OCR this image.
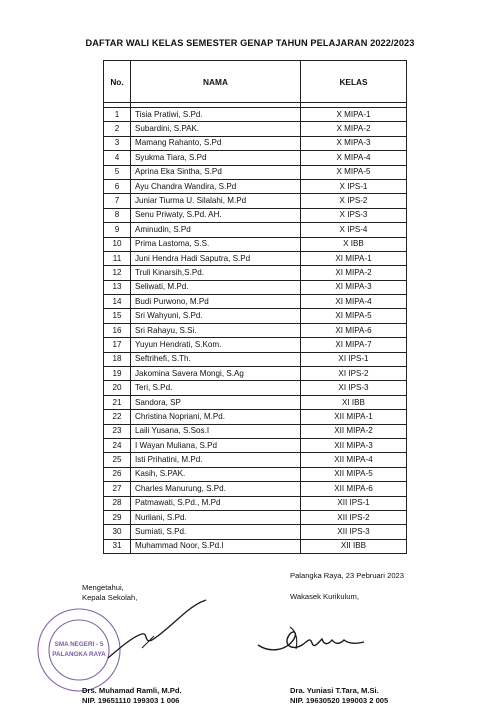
DAFTAR WALI KELAS SEMESTER GENAP TAHUN PELAJARAN 2022/2023
No.	NAMA	KELAS

1	Tisia Pratiwi, S.Pd.	X MIPA-1
2	Subardini, S.PAK.	X MIPA-2
3	Mamang Rahanto, S.Pd	X MIPA-3
4	Syukma Tiara, S.Pd	X MIPA-4
5	Aprina Eka Sintha, S.Pd	X MIPA-5
6	Ayu Chandra Wandira, S.Pd	X IPS-1
7	Juniar Tiurma U. Silalahi, M.Pd	X IPS-2
8	Senu Priwaty, S.Pd. AH.	X IPS-3
9	Aminudin, S.Pd	X IPS-4
10	Prima Lastoma, S.S.	X IBB
11	Juni Hendra Hadi Saputra, S.Pd	XI MIPA-1
12	Truli Kinarsih,S.Pd.	XI MIPA-2
13	Seliwati, M.Pd.	XI MIPA-3
14	Budi Purwono, M.Pd	XI MIPA-4
15	Sri Wahyuni, S.Pd.	XI MIPA-5
16	Sri Rahayu, S.Si.	XI MIPA-6
17	Yuyun Hendrati, S.Kom.	XI MIPA-7
18	Seftrihefi, S.Th.	XI IPS-1
19	Jakomina Savera Mongi, S.Ag	XI IPS-2
20	Teri, S.Pd.	XI IPS-3
21	Sandora, SP	XI IBB
22	Christina Nopriani, M.Pd.	XII MIPA-1
23	Laili Yusana, S.Sos.I	XII MIPA-2
24	I Wayan Muliana, S.Pd	XII MIPA-3
25	Isti Prihatini, M.Pd.	XII MIPA-4
26	Kasih, S.PAK.	XII MIPA-5
27	Charles Manurung, S.Pd.	XII MIPA-6
28	Patmawati, S.Pd., M.Pd	XII IPS-1
29	Nurliani, S.Pd.	XII IPS-2
30	Sumiati, S.Pd.	XII IPS-3
31	Muhammad Noor, S.Pd.I	XII IBB
Mengetahui,
Kepala Sekolah,
SMA NEGERI - 5
PALANGKA RAYA
Drs. Muhamad Ramli, M.Pd.
NIP. 19651110 199303 1 006
Palangka Raya, 23 Pebruari 2023
Wakasek Kurikulum,
Dra. Yuniasi T.Tara, M.Si.
NIP. 19630520 199003 2 005
